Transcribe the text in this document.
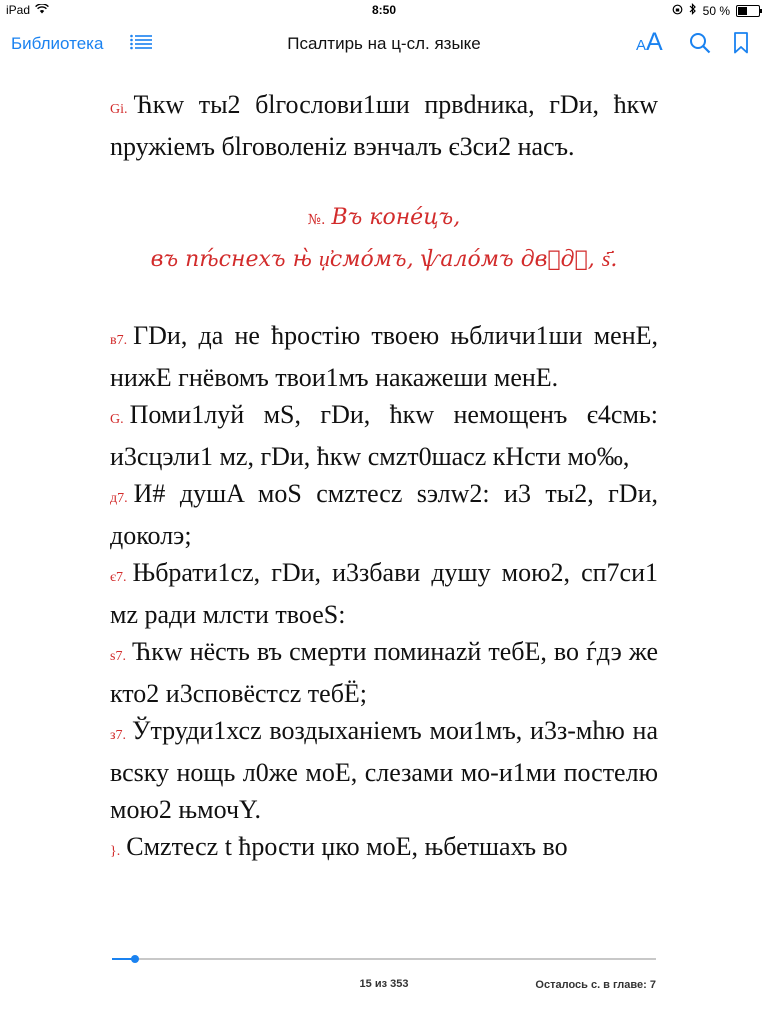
iPad	8:50	50 %
Библиотека	Псалтирь на ц-сл. языке	AA

Gi. Ћкw ты2 бlгослови1ши првdника, гDи, ћкw nружіемъ бlговоленіz вэнчалъ є3си2 насъ.

№. Въ конéцъ,
въ пѣ́снехъ њ̀ џ҆смóмъ, ѱалóмъ двⷣдꙋ, ѕ҃.

в7. ГDи, да не ћростію твоею њбличи1ши менE, нижE гнёвомъ твои1мъ накажеши менE.

G. Поми1луй мS, гDи, ћкw немощенъ є4смь: и3сцэли1 мz, гDи, ћкw смzт0шасz кHсти мо‰,

д7. И# душA моS смzтесz sэлw2: и3 ты2, гDи, доколэ;

є7. Њбрати1сz, гDи, и3збави душу мою2, сп7си1 мz ради млсти твоеS:

ѕ7. Ћкw нёсть въ смерти поминazй тебE, во ѓдэ же кто2 и3сповёстсz тебЁ;

з7. Ўтруди1хсz воздыханіемъ мои1мъ, и3з-мhю на всsку нощь л0же моE, слезами мо-и1ми постелю мою2 њмочY.

}. Смzтесz t ћрости џко моE, њбетшахъ во

15 из 353	Осталось с. в главе: 7
